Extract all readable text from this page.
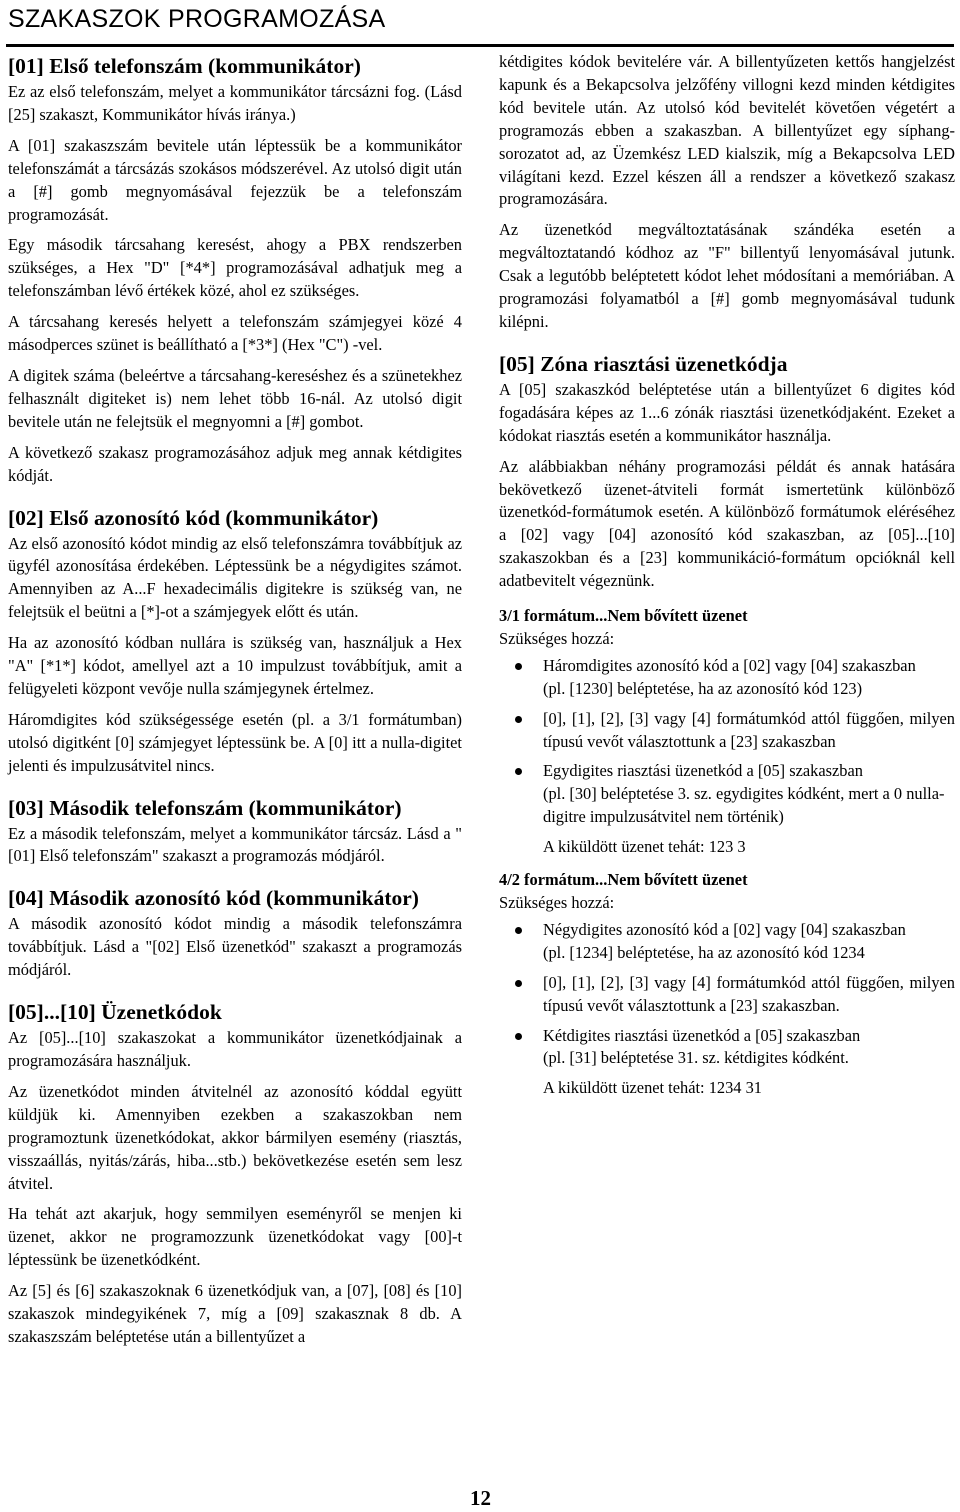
SZAKASZOK PROGRAMOZÁSA
[01] Első telefonszám (kommunikátor)

Ez az első telefonszám, melyet a kommunikátor tárcsázni fog. (Lásd [25] szakaszt, Kommunikátor hívás iránya.)

A [01] szakaszszám bevitele után léptessük be a kommunikátor telefonszámát a tárcsázás szokásos módszerével. Az utolsó digit után a [#] gomb megnyomásával fejezzük be a telefonszám programozását.

Egy második tárcsahang keresést, ahogy a PBX rendszerben szükséges, a Hex "D" [*4*] programozásával adhatjuk meg a telefonszámban lévő értékek közé, ahol ez szükséges.

A tárcsahang keresés helyett a telefonszám számjegyei közé 4 másodperces szünet is beállítható a [*3*] (Hex "C") -vel.

A digitek száma (beleértve a tárcsahang-kereséshez és a szünetekhez felhasznált digiteket is) nem lehet több 16-nál. Az utolsó digit bevitele után ne felejtsük el megnyomni a [#] gombot.

A következő szakasz programozásához adjuk meg annak kétdigites kódját.

[02] Első azonosító kód (kommunikátor)

Az első azonosító kódot mindig az első telefonszámra továbbítjuk az ügyfél azonosítása érdekében. Léptessünk be a négydigites számot. Amennyiben az A...F hexadecimális digitekre is szükség van, ne felejtsük el beütni a [*]-ot a számjegyek előtt és után.

Ha az azonosító kódban nullára is szükség van, használjuk a Hex "A" [*1*] kódot, amellyel azt a 10 impulzust továbbítjuk, amit a felügyeleti központ vevője nulla számjegynek értelmez.

Háromdigites kód szükségessége esetén (pl. a 3/1 formátumban) utolsó digitként [0] számjegyet léptessünk be. A [0] itt a nulla-digitet jelenti és impulzusátvitel nincs.

[03] Második telefonszám (kommunikátor)

Ez a második telefonszám, melyet a kommunikátor tárcsáz. Lásd a "[01] Első telefonszám" szakaszt a programozás módjáról.

[04] Második azonosító kód (kommunikátor)

A második azonosító kódot mindig a második telefonszámra továbbítjuk. Lásd a "[02] Első üzenetkód" szakaszt a programozás módjáról.

[05]...[10] Üzenetkódok

Az [05]...[10] szakaszokat a kommunikátor üzenetkódjainak a programozására használjuk.

Az üzenetkódot minden átvitelnél az azonosító kóddal együtt küldjük ki. Amennyiben ezekben a szakaszokban nem programoztunk üzenetkódokat, akkor bármilyen esemény (riasztás, visszaállás, nyitás/zárás, hiba...stb.) bekövetkezése esetén sem lesz átvitel.

Ha tehát azt akarjuk, hogy semmilyen eseményről se menjen ki üzenet, akkor ne programozzunk üzenetkódokat vagy [00]-t léptessünk be üzenetkódként.

Az [5] és [6] szakaszoknak 6 üzenetkódjuk van, a [07], [08] és [10] szakaszok mindegyikének 7, míg a [09] szakasznak 8 db. A szakaszszám beléptetése után a billentyűzet a

kétdigites kódok bevitelére vár. A billentyűzeten kettős hangjelzést kapunk és a Bekapcsolva jelzőfény villogni kezd minden kétdigites kód bevitele után. Az utolsó kód bevitelét követően végetért a programozás ebben a szakaszban. A billentyűzet egy síphang-sorozatot ad, az Üzemkész LED kialszik, míg a Bekapcsolva LED világítani kezd. Ezzel készen áll a rendszer a következő szakasz programozására.

Az üzenetkód megváltoztatásának szándéka esetén a megváltoztatandó kódhoz az "F" billentyű lenyomásával jutunk. Csak a legutóbb beléptetett kódot lehet módosítani a memóriában. A programozási folyamatból a [#] gomb megnyomásával tudunk kilépni.

[05] Zóna riasztási üzenetkódja

A [05] szakaszkód beléptetése után a billentyűzet 6 digites kód fogadására képes az 1...6 zónák riasztási üzenetkódjaként. Ezeket a kódokat riasztás esetén a kommunikátor használja.

Az alábbiakban néhány programozási példát és annak hatására bekövetkező üzenet-átviteli formát ismertetünk különböző üzenetkód-formátumok esetén. A különböző formátumok eléréséhez a [02] vagy [04] azonosító kód szakaszban, az [05]...[10] szakaszokban és a [23] kommunikáció-formátum opcióknál kell adatbevitelt végeznünk.

3/1 formátum...Nem bővített üzenet
Szükséges hozzá:
Háromdigites azonosító kód a [02] vagy [04] szakaszban
(pl. [1230] beléptetése, ha az azonosító kód 123)
[0], [1], [2], [3] vagy [4] formátumkód attól függően, milyen típusú vevőt választottunk a [23] szakaszban
Egydigites riasztási üzenetkód a [05] szakaszban
(pl. [30] beléptetése 3. sz. egydigites kódként, mert a 0 nulla-digitre impulzusátvitel nem történik)
A kiküldött üzenet tehát: 123 3
4/2 formátum...Nem bővített üzenet
Szükséges hozzá:
Négydigites azonosító kód a [02] vagy [04] szakaszban
(pl. [1234] beléptetése, ha az azonosító kód 1234
[0], [1], [2], [3] vagy [4] formátumkód attól függően, milyen típusú vevőt választottunk a [23] szakaszban.
Kétdigites riasztási üzenetkód a [05] szakaszban
(pl. [31] beléptetése 31. sz. kétdigites kódként.
A kiküldött üzenet tehát: 1234 31
12
